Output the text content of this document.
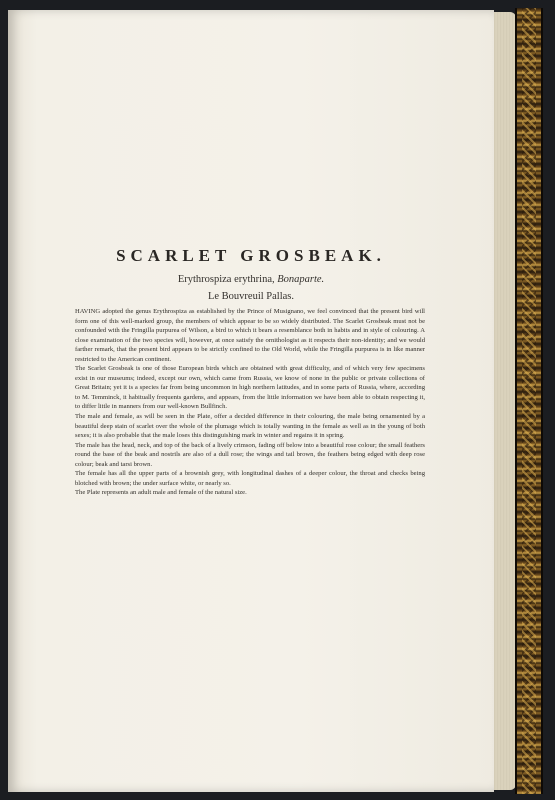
SCARLET GROSBEAK.
Erythrospiza erythrina, Bonaparte.
Le Bouvreuil Pallas.

HAVING adopted the genus Erythrospiza as established by the Prince of Musignano, we feel convinced that the present bird will form one of this well-marked group, the members of which appear to be so widely distributed. The Scarlet Grosbeak must not be confounded with the Fringilla purpurea of Wilson, a bird to which it bears a resemblance both in habits and in style of colouring. A close examination of the two species will, however, at once satisfy the ornithologist as it respects their non-identity; and we would farther remark, that the present bird appears to be strictly confined to the Old World, while the Fringilla purpurea is in like manner restricted to the American continent.

The Scarlet Grosbeak is one of those European birds which are obtained with great difficulty, and of which very few specimens exist in our museums; indeed, except our own, which came from Russia, we know of none in the public or private collections of Great Britain; yet it is a species far from being uncommon in high northern latitudes, and in some parts of Russia, where, according to M. Temminck, it habitually frequents gardens, and appears, from the little information we have been able to obtain respecting it, to differ little in manners from our well-known Bullfinch.

The male and female, as will be seen in the Plate, offer a decided difference in their colouring, the male being ornamented by a beautiful deep stain of scarlet over the whole of the plumage which is totally wanting in the female as well as in the young of both sexes; it is also probable that the male loses this distinguishing mark in winter and regains it in spring.

The male has the head, neck, and top of the back of a lively crimson, fading off below into a beautiful rose colour; the small feathers round the base of the beak and nostrils are also of a dull rose; the wings and tail brown, the feathers being edged with deep rose colour; beak and tarsi brown.

The female has all the upper parts of a brownish grey, with longitudinal dashes of a deeper colour, the throat and checks being blotched with brown; the under surface white, or nearly so.

The Plate represents an adult male and female of the natural size.
